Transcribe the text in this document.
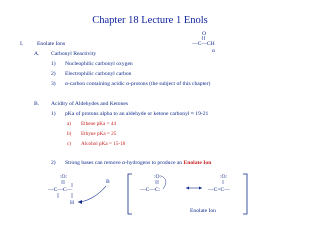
Chapter 18 Lecture 1 Enols
O
—C—CH
α
I. Enolate Ions
A. Carbonyl Reactivity
1) Nucleophilic carbonyl oxygen
2) Electrophilic carbonyl carbon
3) α-carbon containing acidic α-protons (the subject of this chapter)
B. Acidity of Aldehydes and Ketones
1) pKa of protons alpha to an aldehyde or ketone carbonyl ≈ 19-21
a) Ethene pKa = 44
b) Ethyne pKa = 25
c) Alcohol pKa = 15-18
2) Strong bases can remove α-hydrogens to produce an Enolate Ion
:O:
—C—C—
H
B
:O:
—C—C:
:O:
—C=C—
Enolate Ion
